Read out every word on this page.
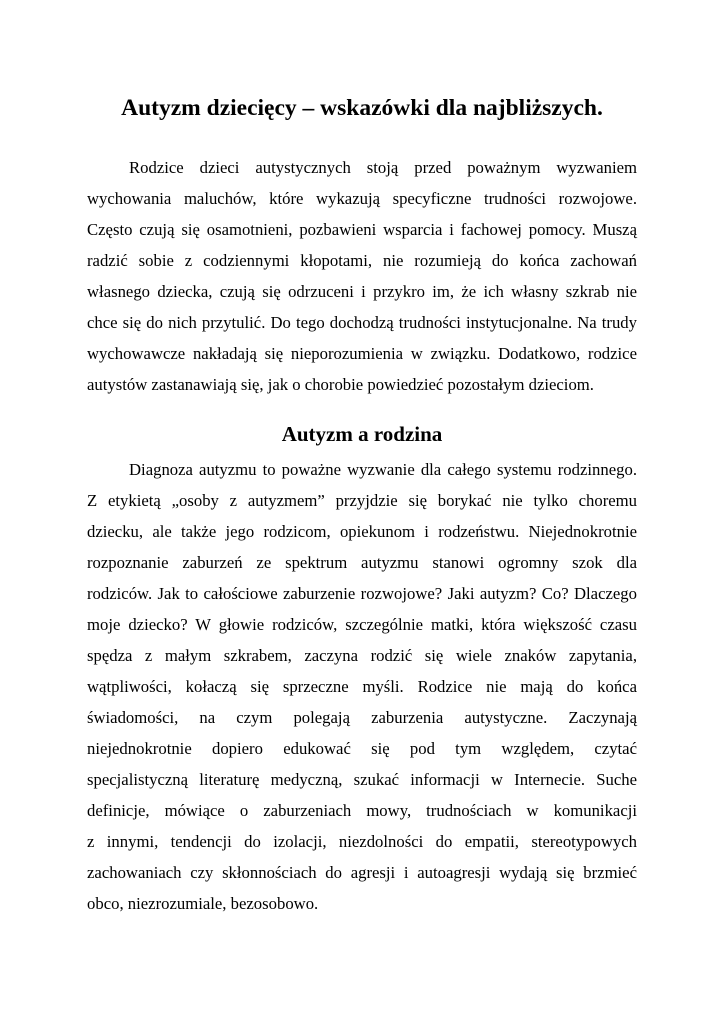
Autyzm dziecięcy – wskazówki dla najbliższych.
Rodzice dzieci autystycznych stoją przed poważnym wyzwaniem
wychowania maluchów, które wykazują specyficzne trudności rozwojowe.
Często czują się osamotnieni, pozbawieni wsparcia i fachowej pomocy. Muszą
radzić sobie z codziennymi kłopotami, nie rozumieją do końca zachowań
własnego dziecka, czują się odrzuceni i przykro im, że ich własny szkrab nie
chce się do nich przytulić. Do tego dochodzą trudności instytucjonalne. Na trudy
wychowawcze nakładają się nieporozumienia w związku. Dodatkowo, rodzice
autystów zastanawiają się, jak o chorobie powiedzieć pozostałym dzieciom.
Autyzm a rodzina
Diagnoza autyzmu to poważne wyzwanie dla całego systemu rodzinnego.
Z etykietą „osoby z autyzmem” przyjdzie się borykać nie tylko choremu
dziecku, ale także jego rodzicom, opiekunom i rodzeństwu. Niejednokrotnie
rozpoznanie zaburzeń ze spektrum autyzmu stanowi ogromny szok dla
rodziców. Jak to całościowe zaburzenie rozwojowe? Jaki autyzm? Co? Dlaczego
moje dziecko? W głowie rodziców, szczególnie matki, która większość czasu
spędza z małym szkrabem, zaczyna rodzić się wiele znaków zapytania,
wątpliwości, kołaczą się sprzeczne myśli. Rodzice nie mają do końca
świadomości, na czym polegają zaburzenia autystyczne. Zaczynają
niejednokrotnie dopiero edukować się pod tym względem, czytać
specjalistyczną literaturę medyczną, szukać informacji w Internecie. Suche
definicje, mówiące o zaburzeniach mowy, trudnościach w komunikacji
z innymi, tendencji do izolacji, niezdolności do empatii, stereotypowych
zachowaniach czy skłonnościach do agresji i autoagresji wydają się brzmieć
obco, niezrozumiale, bezosobowo.
